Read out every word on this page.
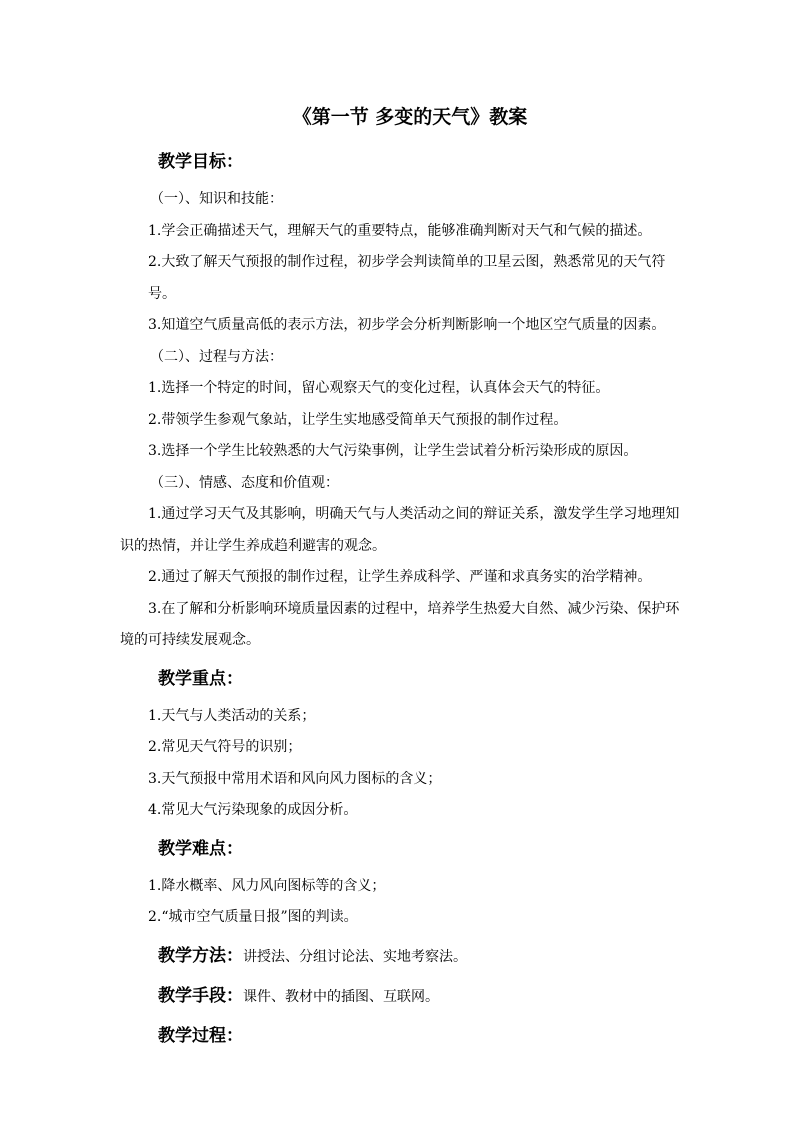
《第一节 多变的天气》教案
教学目标：
（一）、知识和技能：
1.学会正确描述天气，理解天气的重要特点，能够准确判断对天气和气候的描述。
2.大致了解天气预报的制作过程，初步学会判读简单的卫星云图，熟悉常见的天气符号。
3.知道空气质量高低的表示方法，初步学会分析判断影响一个地区空气质量的因素。
（二）、过程与方法：
1.选择一个特定的时间，留心观察天气的变化过程，认真体会天气的特征。
2.带领学生参观气象站，让学生实地感受简单天气预报的制作过程。
3.选择一个学生比较熟悉的大气污染事例，让学生尝试着分析污染形成的原因。
（三）、情感、态度和价值观：
1.通过学习天气及其影响，明确天气与人类活动之间的辩证关系，激发学生学习地理知识的热情，并让学生养成趋利避害的观念。
2.通过了解天气预报的制作过程，让学生养成科学、严谨和求真务实的治学精神。
3.在了解和分析影响环境质量因素的过程中，培养学生热爱大自然、减少污染、保护环境的可持续发展观念。
教学重点：
1.天气与人类活动的关系；
2.常见天气符号的识别；
3.天气预报中常用术语和风向风力图标的含义；
4.常见大气污染现象的成因分析。
教学难点：
1.降水概率、风力风向图标等的含义；
2.“城市空气质量日报”图的判读。
教学方法：讲授法、分组讨论法、实地考察法。
教学手段：课件、教材中的插图、互联网。
教学过程：
